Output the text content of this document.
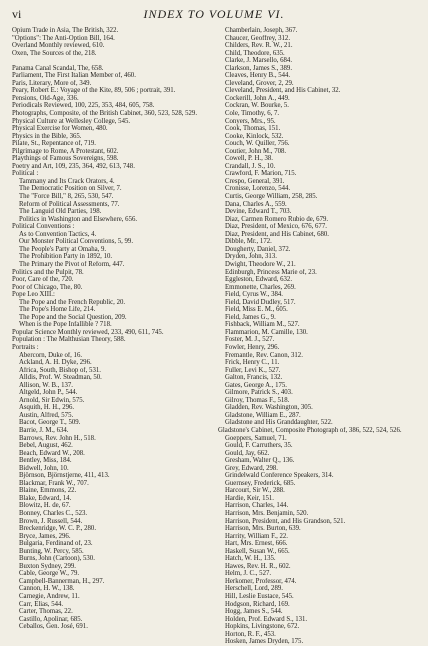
vi	INDEX TO VOLUME VI.
Opium Trade in Asia, The British, 322.
"Options": The Anti-Option Bill, 164.
Overland Monthly reviewed, 610.
Oxen, The Sources of the, 218.

Panama Canal Scandal, The, 658.
Parliament, The First Italian Member of, 460.
Paris, Literary, More of, 349.
Peary, Robert E.: Voyage of the Kite, 89, 506 ; portrait, 391.
Pensions, Old-Age, 336.
Periodicals Reviewed, 100, 225, 353, 484, 605, 758.
Photographs, Composite, of the British Cabinet, 360, 523, 528, 529.
Physical Culture at Wellesley College, 545.
Physical Exercise for Women, 480.
Physics in the Bible, 365.
Pilate, St., Repentance of, 719.
Pilgrimage to Rome, A Protestant, 602.
Playthings of Famous Sovereigns, 598.
Poetry and Art, 109, 235, 364, 492, 613, 748.
Political :
Tammany and Its Crack Orators, 4.
The Democratic Position on Silver, 7.
The "Force Bill," 8, 265, 530, 547.
Reform of Political Assessments, 77.
The Languid Old Parties, 198.
Politics in Washington and Elsewhere, 656.
Political Conventions :
As to Convention Tactics, 4.
Our Monster Political Conventions, 5, 99.
The People's Party at Omaha, 9.
The Prohibition Party in 1892, 10.
The Primary the Pivot of Reform, 447.
Politics and the Pulpit, 78.
Poor, Care of the, 720.
Poor of Chicago, The, 80.
Pope Leo XIII.:
The Pope and the French Republic, 20.
The Pope's Home Life, 214.
The Pope and the Social Question, 209.
When is the Pope Infallible ? 718.
Popular Science Monthly reviewed, 233, 490, 611, 745.
Population : The Malthusian Theory, 588.
Portraits :
Abercorn, Duke of, 16.
Ackland, A. H. Dyke, 296.
Africa, South, Bishop of, 531.
Alldis, Prof. W. Steadman, 50.
Allison, W. B., 137.
Altgeld, John P., 544.
Arnold, Sir Edwin, 575.
Asquith, H. H., 296.
Austin, Alfred, 575.
Bacot, George T., 509.
Barrie, J. M., 634.
Barrows, Rev. John H., 518.
Bebel, August, 462.
Beach, Edward W., 208.
Bentley, Miss, 184.
Bidwell, John, 10.
Björnson, Björnstjerne, 411, 413.
Blackmar, Frank W., 707.
Blaine, Emmons, 22.
Blake, Edward, 14.
Blowitz, H. de, 67.
Bonney, Charles C., 523.
Brown, J. Russell, 544.
Breckenridge, W. C. P., 280.
Bryce, James, 296.
Bulgaria, Ferdinand of, 23.
Bunting, W. Percy, 585.
Burns, John (Cartoon), 530.
Buxton Sydney, 299.
Cable, George W., 79.
Campbell-Bannerman, H., 297.
Cannon, H. W., 138.
Carnegie, Andrew, 11.
Carr, Elias, 544.
Carter, Thomas, 22.
Castillo, Apolinar, 685.
Ceballos, Gen. José, 691.
Chamberlain, Joseph, 367.
Chaucer, Geoffrey, 312.
Childers, Rev. R. W., 21.
Child, Theodore, 635.
Clarke, J. Marsello, 684.
Clarkson, James S., 389.
Cleaves, Henry B., 544.
Cleveland, Grover, 2, 29.
Cleveland, President, and His Cabinet, 32.
Cockerill, John A., 449.
Cockran, W. Bourke, 5.
Cole, Timothy, 6, 7.
Conyers, Mrs., 95.
Cook, Thomas, 151.
Cooke, Kinlock, 532.
Couch, W. Quiller, 756.
Coutier, John M., 708.
Cowell, P. H., 38.
Crandall, J. S., 10.
Crawford, F. Marion, 715.
Crespo, General, 391.
Cronisse, Lorenzo, 544.
Curtis, George William, 258, 285.
Dana, Charles A., 559.
Devine, Edward T., 703.
Diaz, Carmen Romero Rubio de, 679.
Diaz, President, of Mexico, 676, 677.
Diaz, President, and His Cabinet, 680.
Dibble, Mr., 172.
Dougherty, Daniel, 372.
Dryden, John, 313.
Dwight, Theodore W., 21.
Edinburgh, Princess Marie of, 23.
Eggleston, Edward, 632.
Emmonette, Charles, 269.
Field, Cyrus W., 384.
Field, David Dudley, 517.
Field, Miss E. M., 605.
Field, James G., 9.
Fishback, William M., 527.
Flammarion, M. Camille, 130.
Foster, M. J., 527.
Fowler, Henry, 296.
Fremantle, Rev. Canon, 312.
Frick, Henry C., 11.
Fuller, Levi K., 527.
Galton, Francis, 132.
Gates, George A., 175.
Gilmore, Patrick S., 403.
Gilroy, Thomas F., 518.
Gladden, Rev. Washington, 305.
Gladstone, William E., 287.
Gladstone and His Granddaughter, 522.
Gladstone's Cabinet, Composite Photograph of, 386, 522, 524, 526.
Goeppers, Samuel, 71.
Gould, F. Carruthers, 35.
Gould, Jay, 662.
Gresham, Walter Q., 136.
Grey, Edward, 298.
Grindelwald Conference Speakers, 314.
Guernsey, Frederick, 685.
Harcourt, Sir W., 288.
Hardie, Keir, 151.
Harrison, Charles, 144.
Harrison, Mrs. Benjamin, 520.
Harrison, President, and His Grandson, 521.
Harrison, Mrs. Burton, 639.
Harrity, William F., 22.
Hart, Mrs. Ernest, 666.
Haskell, Susan W., 665.
Hatch, W. H., 135.
Hawes, Rev. H. R., 602.
Helm, J. C., 527.
Herkomer, Professor, 474.
Herschell, Lord, 289.
Hill, Leslie Eustace, 545.
Hodgson, Richard, 169.
Hogg, James S., 544.
Holden, Prof. Edward S., 131.
Hopkins, Livingstone, 672.
Horton, R. F., 453.
Hosken, James Dryden, 175.
